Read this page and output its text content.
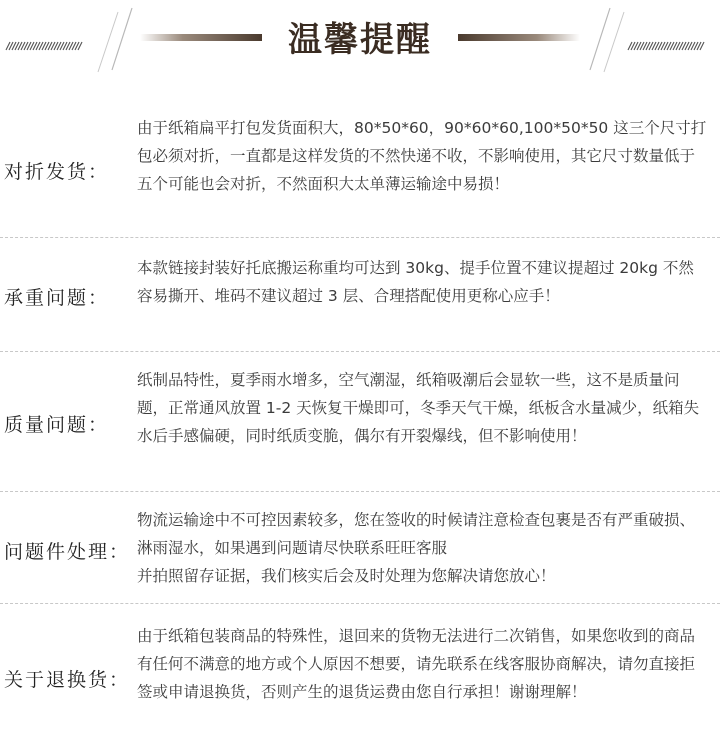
温馨提醒
对折发货：
由于纸箱扁平打包发货面积大，80*50*60，90*60*60,100*50*50 这三个尺寸打包必须对折，一直都是这样发货的不然快递不收，不影响使用，其它尺寸数量低于五个可能也会对折，不然面积大太单薄运输途中易损！
承重问题：
本款链接封装好托底搬运称重均可达到 30kg、提手位置不建议提超过 20kg 不然容易撕开、堆码不建议超过 3 层、合理搭配使用更称心应手！
质量问题：
纸制品特性，夏季雨水增多，空气潮湿，纸箱吸潮后会显软一些，这不是质量问题，正常通风放置 1-2 天恢复干燥即可，冬季天气干燥，纸板含水量减少，纸箱失水后手感偏硬，同时纸质变脆，偶尔有开裂爆线，但不影响使用！
问题件处理：
物流运输途中不可控因素较多，您在签收的时候请注意检查包裹是否有严重破损、淋雨湿水，如果遇到问题请尽快联系旺旺客服
并拍照留存证据，我们核实后会及时处理为您解决请您放心！
关于退换货：
由于纸箱包装商品的特殊性，退回来的货物无法进行二次销售，如果您收到的商品有任何不满意的地方或个人原因不想要，请先联系在线客服协商解决，请勿直接拒签或申请退换货，否则产生的退货运费由您自行承担！谢谢理解！
